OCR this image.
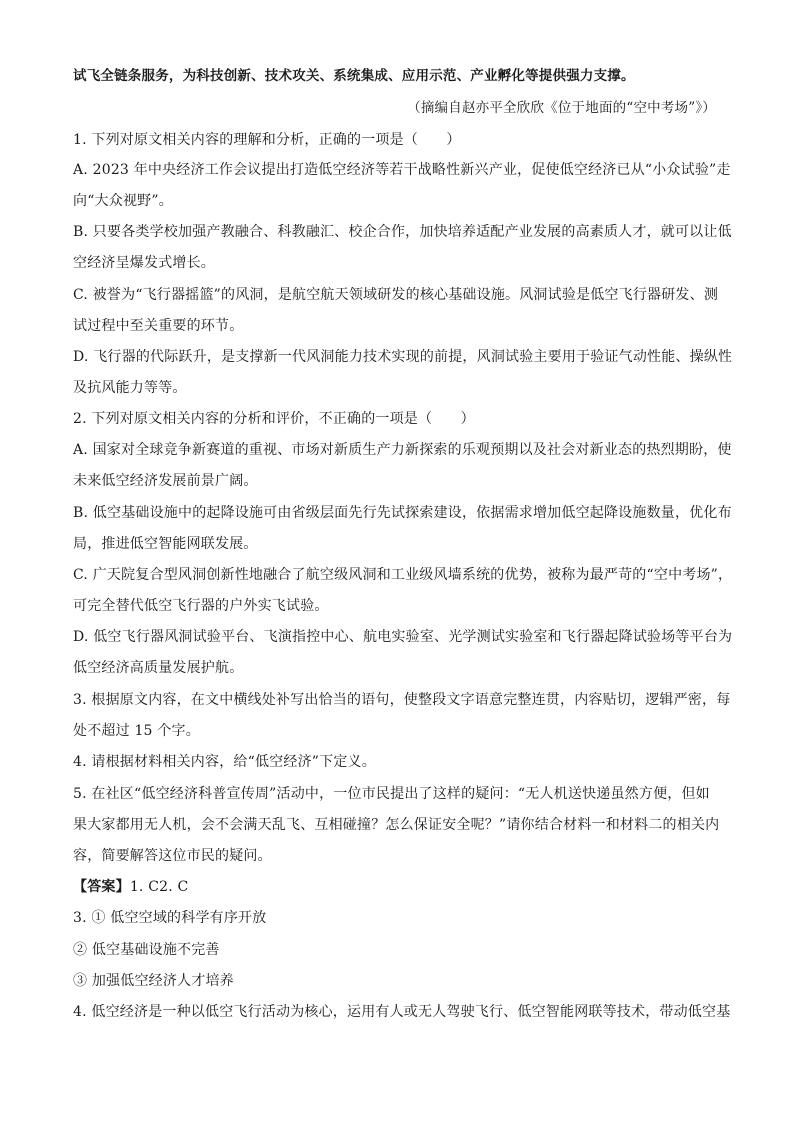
试飞全链条服务，为科技创新、技术攻关、系统集成、应用示范、产业孵化等提供强力支撑。
（摘编自赵亦平全欣欣《位于地面的“空中考场”》）
1. 下列对原文相关内容的理解和分析，正确的一项是（　　）
A. 2023 年中央经济工作会议提出打造低空经济等若干战略性新兴产业，促使低空经济已从“小众试验”走
向“大众视野”。
B. 只要各类学校加强产教融合、科教融汇、校企合作，加快培养适配产业发展的高素质人才，就可以让低
空经济呈爆发式增长。
C. 被誉为“飞行器摇篮”的风洞，是航空航天领域研发的核心基础设施。风洞试验是低空飞行器研发、测
试过程中至关重要的环节。
D. 飞行器的代际跃升，是支撑新一代风洞能力技术实现的前提，风洞试验主要用于验证气动性能、操纵性
及抗风能力等等。
2. 下列对原文相关内容的分析和评价，不正确的一项是（　　）
A. 国家对全球竞争新赛道的重视、市场对新质生产力新探索的乐观预期以及社会对新业态的热烈期盼，使
未来低空经济发展前景广阔。
B. 低空基础设施中的起降设施可由省级层面先行先试探索建设，依据需求增加低空起降设施数量，优化布
局，推进低空智能网联发展。
C. 广天院复合型风洞创新性地融合了航空级风洞和工业级风墙系统的优势，被称为最严苛的“空中考场”，
可完全替代低空飞行器的户外实飞试验。
D. 低空飞行器风洞试验平台、飞演指控中心、航电实验室、光学测试实验室和飞行器起降试验场等平台为
低空经济高质量发展护航。
3. 根据原文内容，在文中横线处补写出恰当的语句，使整段文字语意完整连贯，内容贴切，逻辑严密，每
处不超过 15 个字。
4. 请根据材料相关内容，给“低空经济”下定义。
5. 在社区“低空经济科普宣传周”活动中，一位市民提出了这样的疑问：“无人机送快递虽然方便，但如
果大家都用无人机，会不会满天乱飞、互相碰撞？怎么保证安全呢？”请你结合材料一和材料二的相关内
容，简要解答这位市民的疑问。
【答案】1. C2. C
3. ① 低空空域的科学有序开放
② 低空基础设施不完善
③ 加强低空经济人才培养
4. 低空经济是一种以低空飞行活动为核心，运用有人或无人驾驶飞行、低空智能网联等技术，带动低空基
